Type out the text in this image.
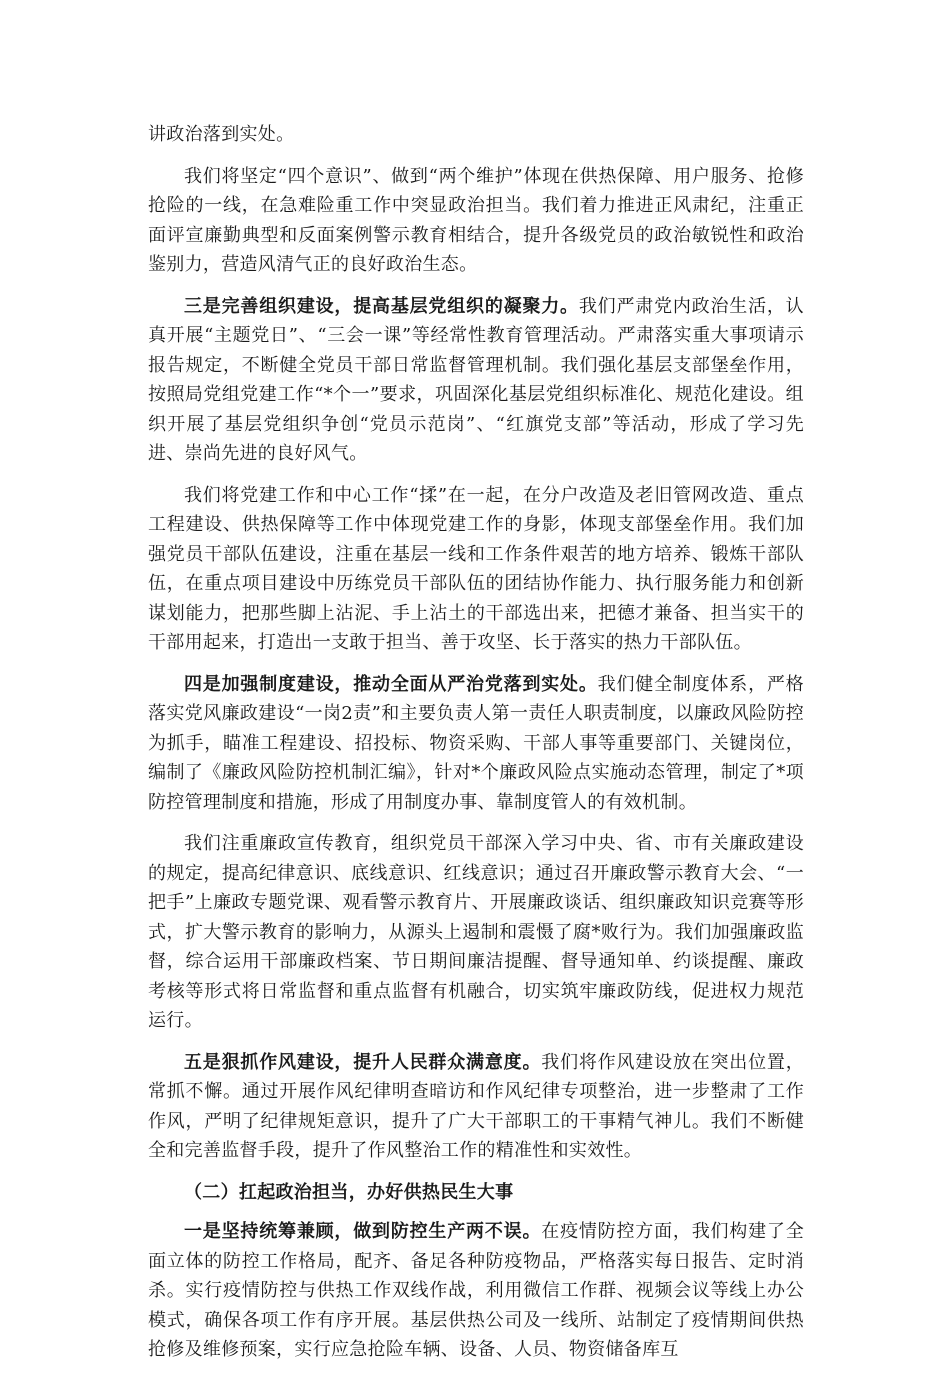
讲政治落到实处。

我们将坚定“四个意识”、做到“两个维护”体现在供热保障、用户服务、抢修抢险的一线，在急难险重工作中突显政治担当。我们着力推进正风肃纪，注重正面评宣廉勤典型和反面案例警示教育相结合，提升各级党员的政治敏锐性和政治鉴别力，营造风清气正的良好政治生态。

三是完善组织建设，提高基层党组织的凝聚力。我们严肃党内政治生活，认真开展“主题党日”、“三会一课”等经常性教育管理活动。严肃落实重大事项请示报告规定，不断健全党员干部日常监督管理机制。我们强化基层支部堡垒作用，按照局党组党建工作“*个一”要求，巩固深化基层党组织标准化、规范化建设。组织开展了基层党组织争创“党员示范岗”、“红旗党支部”等活动，形成了学习先进、崇尚先进的良好风气。

我们将党建工作和中心工作“揉”在一起，在分户改造及老旧管网改造、重点工程建设、供热保障等工作中体现党建工作的身影，体现支部堡垒作用。我们加强党员干部队伍建设，注重在基层一线和工作条件艰苦的地方培养、锻炼干部队伍，在重点项目建设中历练党员干部队伍的团结协作能力、执行服务能力和创新谋划能力，把那些脚上沾泥、手上沾土的干部选出来，把德才兼备、担当实干的干部用起来，打造出一支敢于担当、善于攻坚、长于落实的热力干部队伍。

四是加强制度建设，推动全面从严治党落到实处。我们健全制度体系，严格落实党风廉政建设“一岗2责”和主要负责人第一责任人职责制度，以廉政风险防控为抓手，瞄准工程建设、招投标、物资采购、干部人事等重要部门、关键岗位，编制了《廉政风险防控机制汇编》，针对*个廉政风险点实施动态管理，制定了*项防控管理制度和措施，形成了用制度办事、靠制度管人的有效机制。

我们注重廉政宣传教育，组织党员干部深入学习中央、省、市有关廉政建设的规定，提高纪律意识、底线意识、红线意识；通过召开廉政警示教育大会、“一把手”上廉政专题党课、观看警示教育片、开展廉政谈话、组织廉政知识竞赛等形式，扩大警示教育的影响力，从源头上遏制和震慑了腐*败行为。我们加强廉政监督，综合运用干部廉政档案、节日期间廉洁提醒、督导通知单、约谈提醒、廉政考核等形式将日常监督和重点监督有机融合，切实筑牢廉政防线，促进权力规范运行。

五是狠抓作风建设，提升人民群众满意度。我们将作风建设放在突出位置，常抓不懈。通过开展作风纪律明查暗访和作风纪律专项整治，进一步整肃了工作作风，严明了纪律规矩意识，提升了广大干部职工的干事精气神儿。我们不断健全和完善监督手段，提升了作风整治工作的精准性和实效性。

（二）扛起政治担当，办好供热民生大事

一是坚持统筹兼顾，做到防控生产两不误。在疫情防控方面，我们构建了全面立体的防控工作格局，配齐、备足各种防疫物品，严格落实每日报告、定时消杀。实行疫情防控与供热工作双线作战，利用微信工作群、视频会议等线上办公模式，确保各项工作有序开展。基层供热公司及一线所、站制定了疫情期间供热抢修及维修预案，实行应急抢险车辆、设备、人员、物资储备库互
